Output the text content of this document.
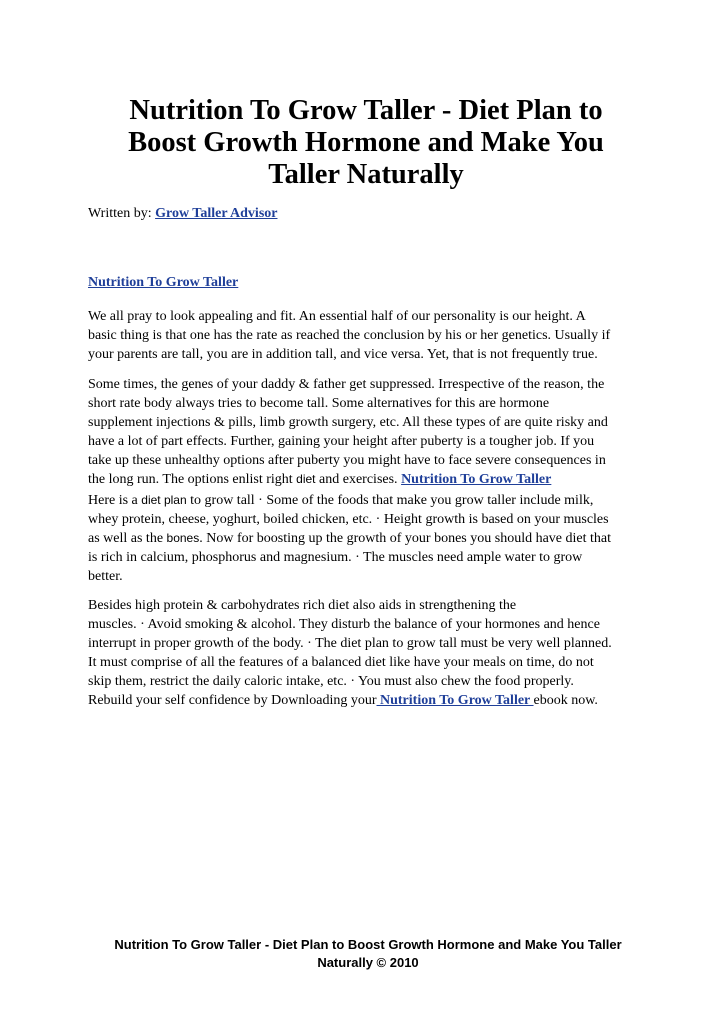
Nutrition To Grow Taller - Diet Plan to Boost Growth Hormone and Make You Taller Naturally
Written by: Grow Taller Advisor
Nutrition To Grow Taller

We all pray to look appealing and fit. An essential half of our personality is our height. A
basic thing is that one has the rate as reached the conclusion by his or her genetics. Usually if
your parents are tall, you are in addition tall, and vice versa. Yet, that is not frequently true.

Some times, the genes of your daddy & father get suppressed. Irrespective of the reason, the
short rate body always tries to become tall. Some alternatives for this are hormone
supplement injections & pills, limb growth surgery, etc. All these types of are quite risky and
have a lot of part effects. Further, gaining your height after puberty is a tougher job. If you
take up these unhealthy options after puberty you might have to face severe consequences in
the long run. The options enlist right diet and exercises. Nutrition To Grow Taller

Here is a diet plan to grow tall · Some of the foods that make you grow taller include milk,
whey protein, cheese, yoghurt, boiled chicken, etc. · Height growth is based on your muscles
as well as the bones. Now for boosting up the growth of your bones you should have diet that
is rich in calcium, phosphorus and magnesium. · The muscles need ample water to grow
better.

Besides high protein & carbohydrates rich diet also aids in strengthening the
muscles. · Avoid smoking & alcohol. They disturb the balance of your hormones and hence
interrupt in proper growth of the body. · The diet plan to grow tall must be very well planned.
It must comprise of all the features of a balanced diet like have your meals on time, do not
skip them, restrict the daily caloric intake, etc. · You must also chew the food properly.
Rebuild your self confidence by Downloading your Nutrition To Grow Taller ebook now.

Nutrition To Grow Taller - Diet Plan to Boost Growth Hormone and Make You Taller
Naturally © 2010
